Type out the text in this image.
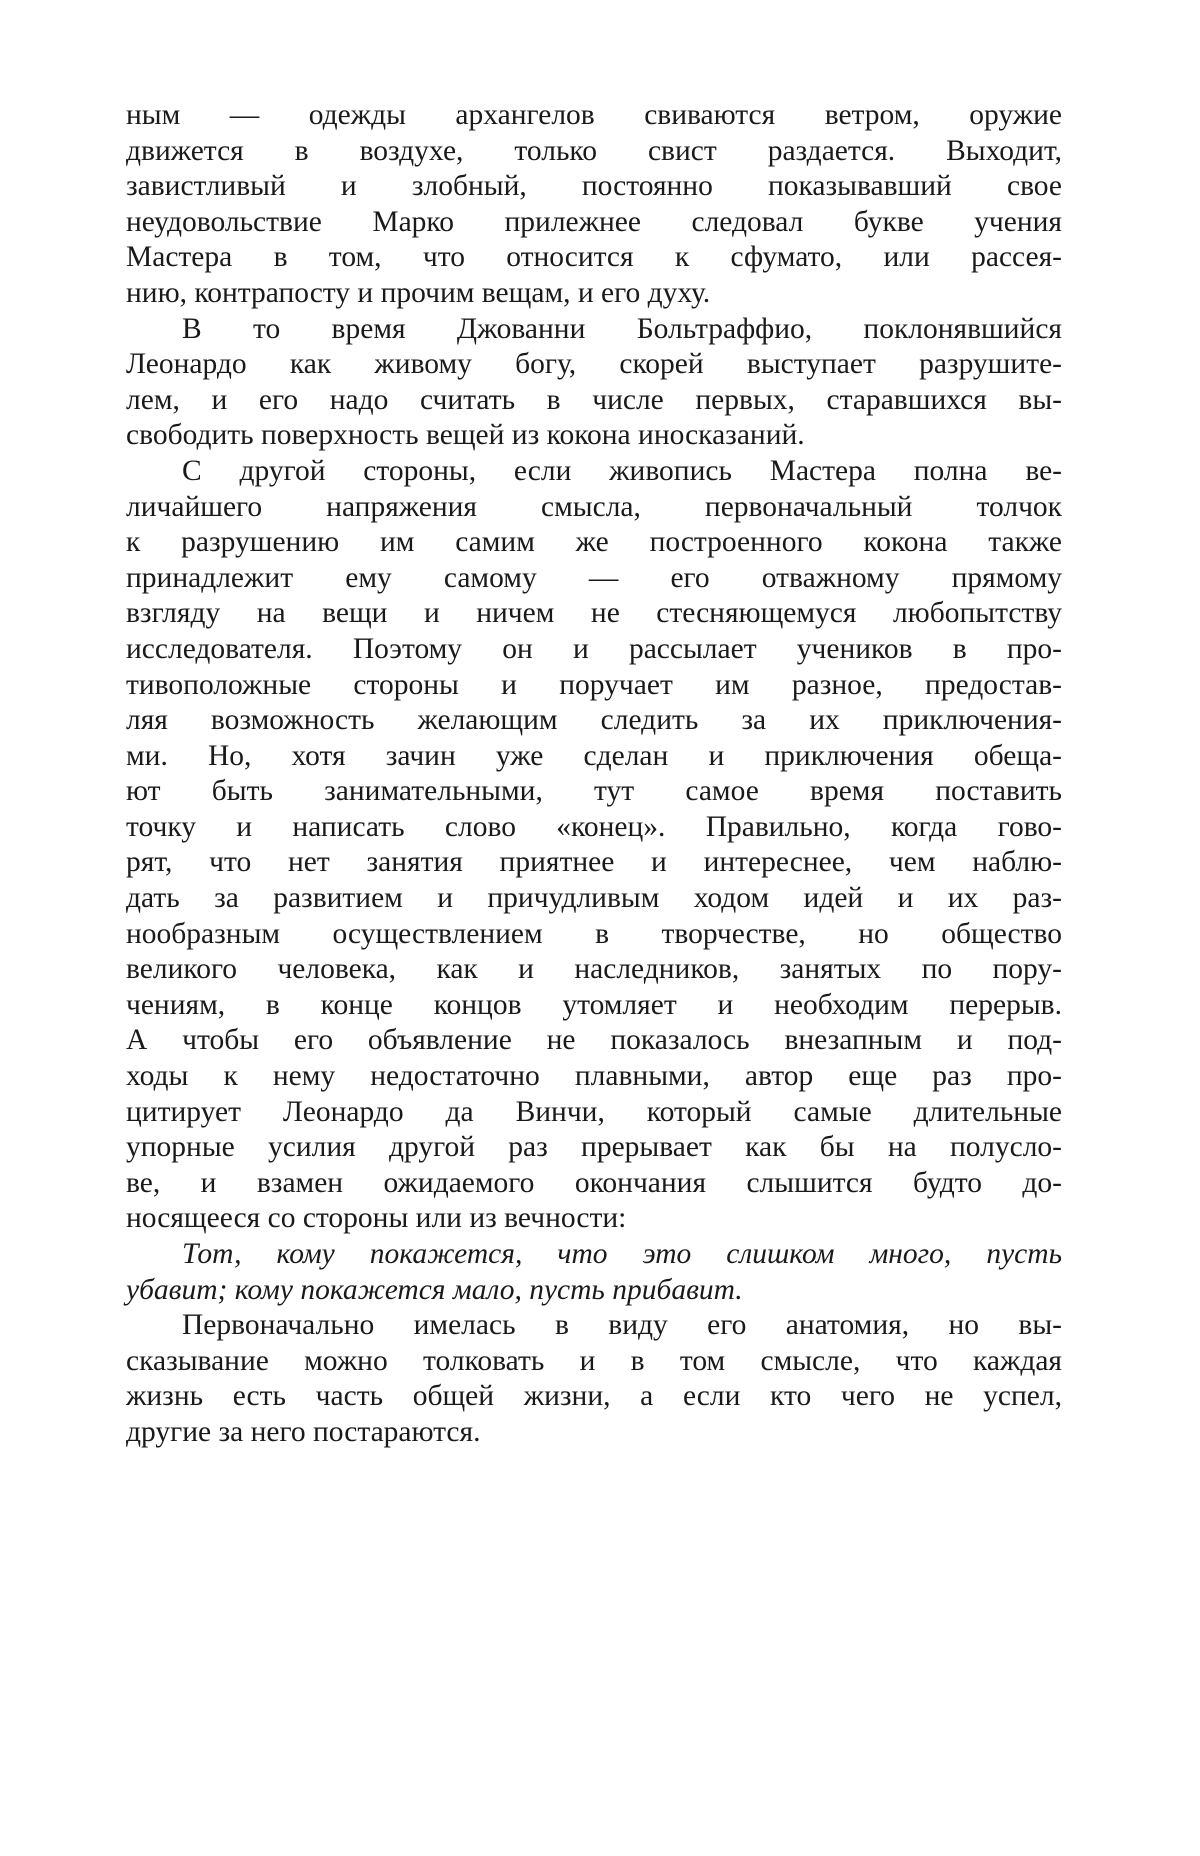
ным — одежды архангелов свиваются ветром, оружие
движется в воздухе, только свист раздается. Выходит,
завистливый и злобный, постоянно показывавший свое
неудовольствие Марко прилежнее следовал букве учения
Мастера в том, что относится к сфумато, или рассея-
нию, контрапосту и прочим вещам, и его духу.
В то время Джованни Больтраффио, поклонявшийся
Леонардо как живому богу, скорей выступает разрушите-
лем, и его надо считать в числе первых, старавшихся вы-
свободить поверхность вещей из кокона иносказаний.
С другой стороны, если живопись Мастера полна ве-
личайшего напряжения смысла, первоначальный толчок
к разрушению им самим же построенного кокона также
принадлежит ему самому — его отважному прямому
взгляду на вещи и ничем не стесняющемуся любопытству
исследователя. Поэтому он и рассылает учеников в про-
тивоположные стороны и поручает им разное, предостав-
ляя возможность желающим следить за их приключения-
ми. Но, хотя зачин уже сделан и приключения обеща-
ют быть занимательными, тут самое время поставить
точку и написать слово «конец». Правильно, когда гово-
рят, что нет занятия приятнее и интереснее, чем наблю-
дать за развитием и причудливым ходом идей и их раз-
нообразным осуществлением в творчестве, но общество
великого человека, как и наследников, занятых по пору-
чениям, в конце концов утомляет и необходим перерыв.
А чтобы его объявление не показалось внезапным и под-
ходы к нему недостаточно плавными, автор еще раз про-
цитирует Леонардо да Винчи, который самые длительные
упорные усилия другой раз прерывает как бы на полусло-
ве, и взамен ожидаемого окончания слышится будто до-
носящееся со стороны или из вечности:
Тот, кому покажется, что это слишком много, пусть
убавит; кому покажется мало, пусть прибавит.
Первоначально имелась в виду его анатомия, но вы-
сказывание можно толковать и в том смысле, что каждая
жизнь есть часть общей жизни, а если кто чего не успел,
другие за него постараются.
